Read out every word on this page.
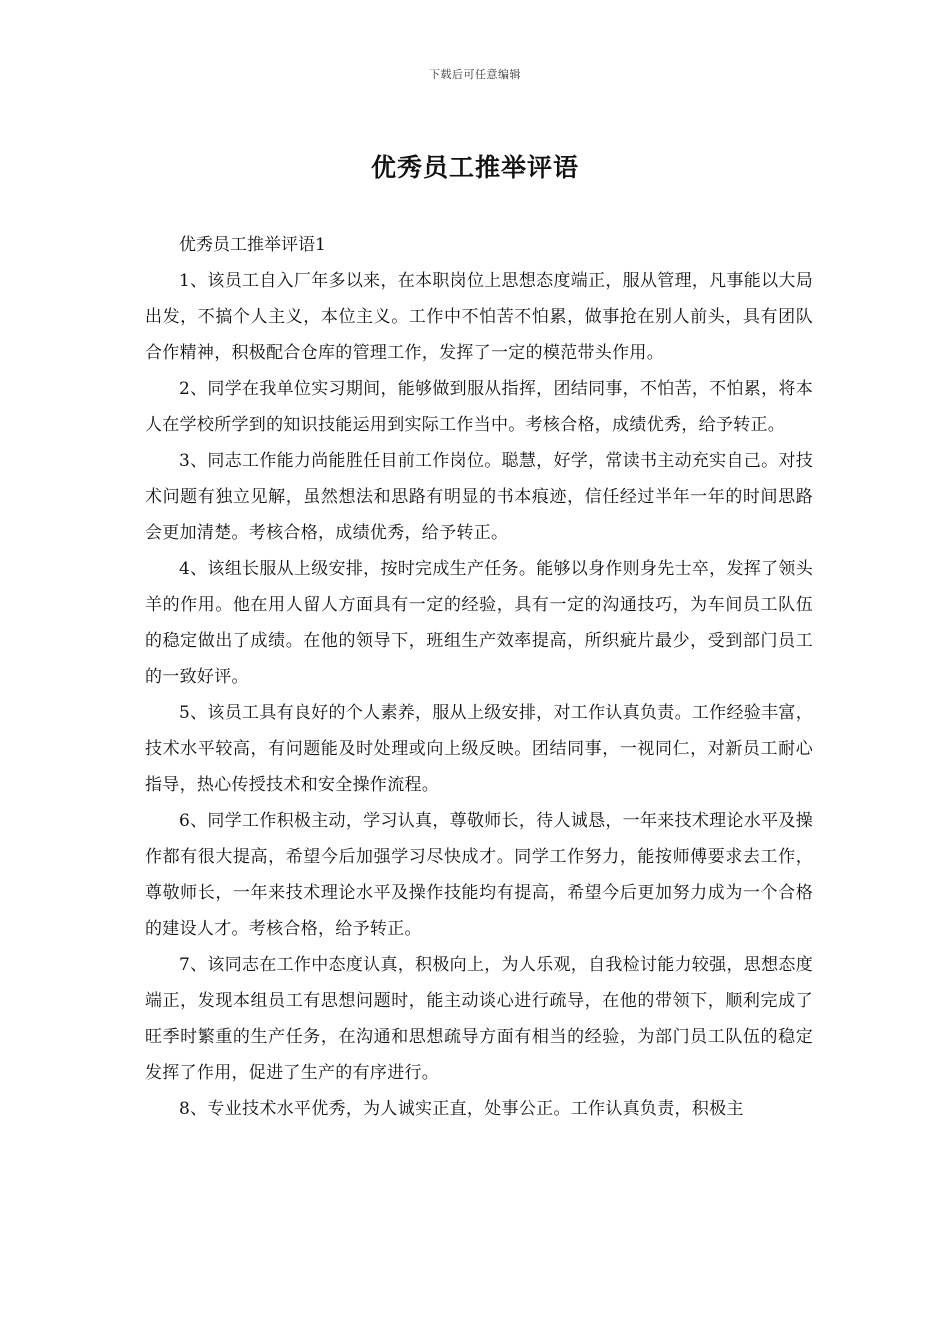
下载后可任意编辑
优秀员工推举评语

优秀员工推举评语1

1、该员工自入厂年多以来，在本职岗位上思想态度端正，服从管理，凡事能以大局出发，不搞个人主义，本位主义。工作中不怕苦不怕累，做事抢在别人前头，具有团队合作精神，积极配合仓库的管理工作，发挥了一定的模范带头作用。

2、同学在我单位实习期间，能够做到服从指挥，团结同事，不怕苦，不怕累，将本人在学校所学到的知识技能运用到实际工作当中。考核合格，成绩优秀，给予转正。

3、同志工作能力尚能胜任目前工作岗位。聪慧，好学，常读书主动充实自己。对技术问题有独立见解，虽然想法和思路有明显的书本痕迹，信任经过半年一年的时间思路会更加清楚。考核合格，成绩优秀，给予转正。

4、该组长服从上级安排，按时完成生产任务。能够以身作则身先士卒，发挥了领头羊的作用。他在用人留人方面具有一定的经验，具有一定的沟通技巧，为车间员工队伍的稳定做出了成绩。在他的领导下，班组生产效率提高，所织疵片最少，受到部门员工的一致好评。

5、该员工具有良好的个人素养，服从上级安排，对工作认真负责。工作经验丰富，技术水平较高，有问题能及时处理或向上级反映。团结同事，一视同仁，对新员工耐心指导，热心传授技术和安全操作流程。

6、同学工作积极主动，学习认真，尊敬师长，待人诚恳，一年来技术理论水平及操作都有很大提高，希望今后加强学习尽快成才。同学工作努力，能按师傅要求去工作，尊敬师长，一年来技术理论水平及操作技能均有提高，希望今后更加努力成为一个合格的建设人才。考核合格，给予转正。

7、该同志在工作中态度认真，积极向上，为人乐观，自我检讨能力较强，思想态度端正，发现本组员工有思想问题时，能主动谈心进行疏导，在他的带领下，顺利完成了旺季时繁重的生产任务，在沟通和思想疏导方面有相当的经验，为部门员工队伍的稳定发挥了作用，促进了生产的有序进行。

8、专业技术水平优秀，为人诚实正直，处事公正。工作认真负责，积极主
